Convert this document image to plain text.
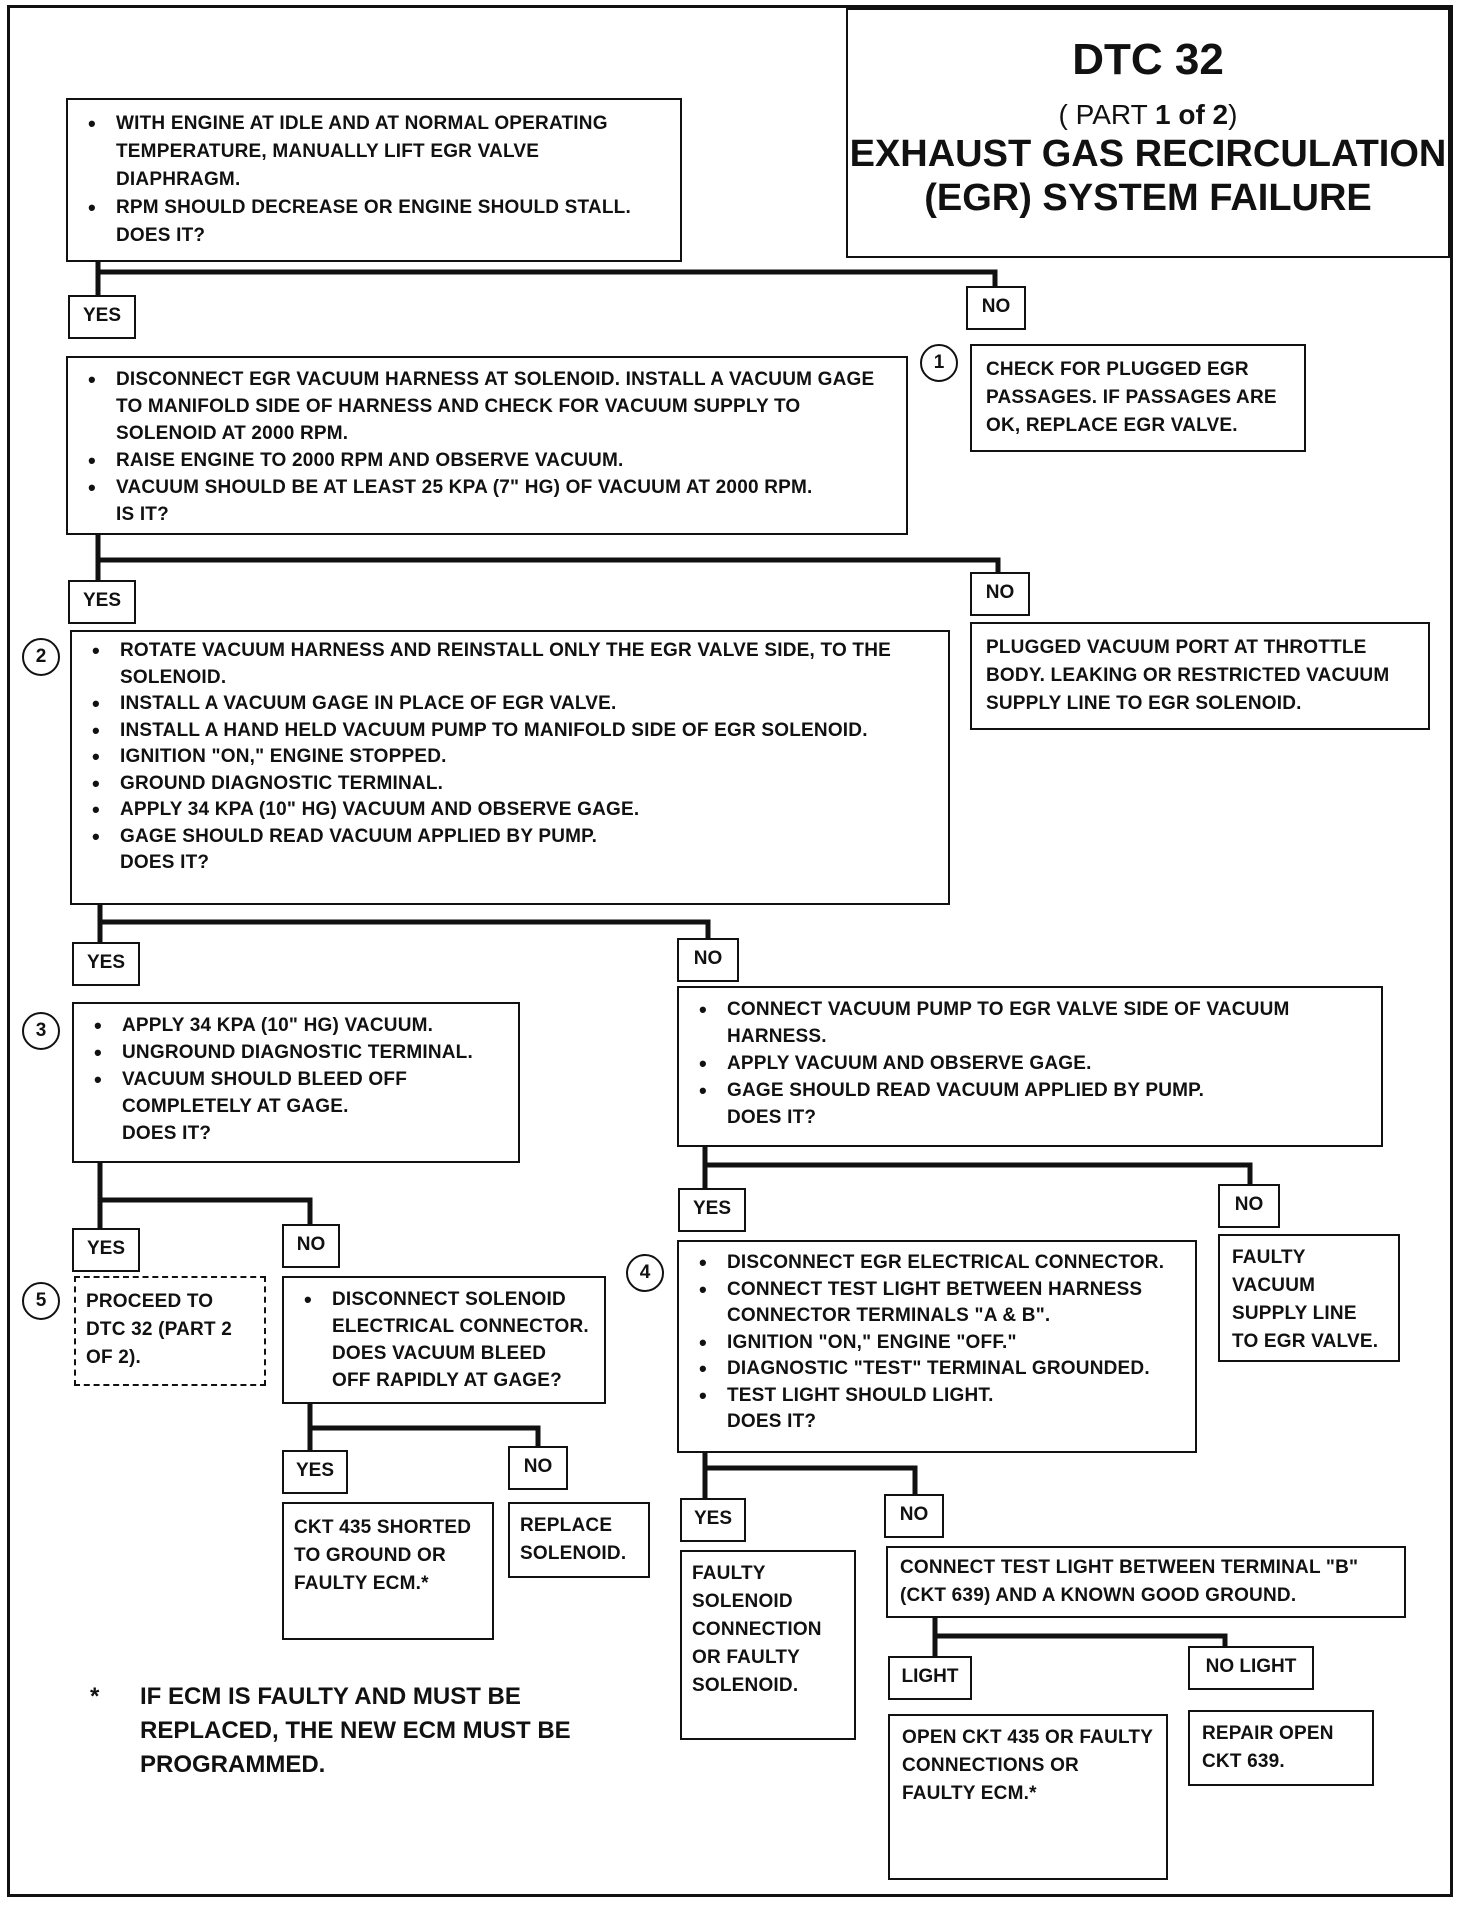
DTC 32
( PART 1 of 2)
EXHAUST GAS RECIRCULATION
(EGR) SYSTEM FAILURE
• WITH ENGINE AT IDLE AND AT NORMAL OPERATING TEMPERATURE, MANUALLY LIFT EGR VALVE DIAPHRAGM.
• RPM SHOULD DECREASE OR ENGINE SHOULD STALL.
DOES IT?
YES	NO
1	CHECK FOR PLUGGED EGR PASSAGES. IF PASSAGES ARE OK, REPLACE EGR VALVE.
• DISCONNECT EGR VACUUM HARNESS AT SOLENOID. INSTALL A VACUUM GAGE TO MANIFOLD SIDE OF HARNESS AND CHECK FOR VACUUM SUPPLY TO SOLENOID AT 2000 RPM.
• RAISE ENGINE TO 2000 RPM AND OBSERVE VACUUM.
• VACUUM SHOULD BE AT LEAST 25 KPA (7" HG) OF VACUUM AT 2000 RPM.
IS IT?
YES	NO
PLUGGED VACUUM PORT AT THROTTLE BODY. LEAKING OR RESTRICTED VACUUM SUPPLY LINE TO EGR SOLENOID.
2	• ROTATE VACUUM HARNESS AND REINSTALL ONLY THE EGR VALVE SIDE, TO THE SOLENOID.
• INSTALL A VACUUM GAGE IN PLACE OF EGR VALVE.
• INSTALL A HAND HELD VACUUM PUMP TO MANIFOLD SIDE OF EGR SOLENOID.
• IGNITION "ON," ENGINE STOPPED.
• GROUND DIAGNOSTIC TERMINAL.
• APPLY 34 KPA (10" HG) VACUUM AND OBSERVE GAGE.
• GAGE SHOULD READ VACUUM APPLIED BY PUMP.
DOES IT?
YES	NO
3	• APPLY 34 KPA (10" HG) VACUUM.
• UNGROUND DIAGNOSTIC TERMINAL.
• VACUUM SHOULD BLEED OFF COMPLETELY AT GAGE.
DOES IT?
• CONNECT VACUUM PUMP TO EGR VALVE SIDE OF VACUUM HARNESS.
• APPLY VACUUM AND OBSERVE GAGE.
• GAGE SHOULD READ VACUUM APPLIED BY PUMP.
DOES IT?
YES	NO
YES	NO
5	PROCEED TO DTC 32 (PART 2 OF 2).
• DISCONNECT SOLENOID ELECTRICAL CONNECTOR.
DOES VACUUM BLEED OFF RAPIDLY AT GAGE?
4	• DISCONNECT EGR ELECTRICAL CONNECTOR.
• CONNECT TEST LIGHT BETWEEN HARNESS CONNECTOR TERMINALS "A & B".
• IGNITION "ON," ENGINE "OFF."
• DIAGNOSTIC "TEST" TERMINAL GROUNDED.
• TEST LIGHT SHOULD LIGHT.
DOES IT?
FAULTY VACUUM SUPPLY LINE TO EGR VALVE.
YES	NO
CKT 435 SHORTED TO GROUND OR FAULTY ECM.*
REPLACE SOLENOID.
YES	NO
FAULTY SOLENOID CONNECTION OR FAULTY SOLENOID.
CONNECT TEST LIGHT BETWEEN TERMINAL "B" (CKT 639) AND A KNOWN GOOD GROUND.
LIGHT	NO LIGHT
OPEN CKT 435 OR FAULTY CONNECTIONS OR FAULTY ECM.*
REPAIR OPEN CKT 639.
* IF ECM IS FAULTY AND MUST BE REPLACED, THE NEW ECM MUST BE PROGRAMMED.
